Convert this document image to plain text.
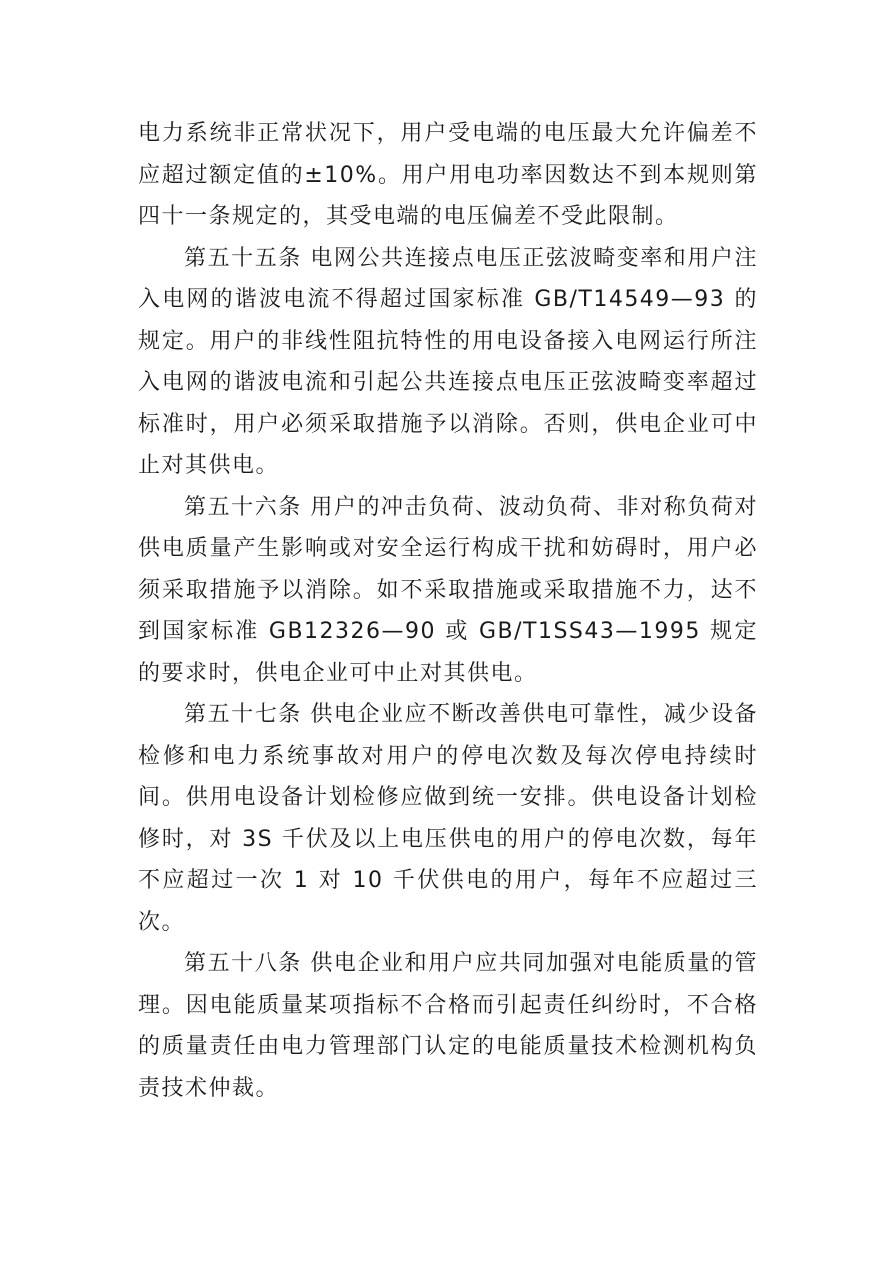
电力系统非正常状况下，用户受电端的电压最大允许偏差不应超过额定值的±10%。用户用电功率因数达不到本规则第四十一条规定的，其受电端的电压偏差不受此限制。

第五十五条 电网公共连接点电压正弦波畸变率和用户注入电网的谐波电流不得超过国家标准 GB/T14549—93 的规定。用户的非线性阻抗特性的用电设备接入电网运行所注入电网的谐波电流和引起公共连接点电压正弦波畸变率超过标准时，用户必须采取措施予以消除。否则，供电企业可中止对其供电。

第五十六条 用户的冲击负荷、波动负荷、非对称负荷对供电质量产生影响或对安全运行构成干扰和妨碍时，用户必须采取措施予以消除。如不采取措施或采取措施不力，达不到国家标准 GB12326—90 或 GB/T1SS43—1995 规定的要求时，供电企业可中止对其供电。

第五十七条 供电企业应不断改善供电可靠性，减少设备检修和电力系统事故对用户的停电次数及每次停电持续时间。供用电设备计划检修应做到统一安排。供电设备计划检修时，对 3S 千伏及以上电压供电的用户的停电次数，每年不应超过一次 1 对 10 千伏供电的用户，每年不应超过三次。

第五十八条 供电企业和用户应共同加强对电能质量的管理。因电能质量某项指标不合格而引起责任纠纷时，不合格的质量责任由电力管理部门认定的电能质量技术检测机构负责技术仲裁。
